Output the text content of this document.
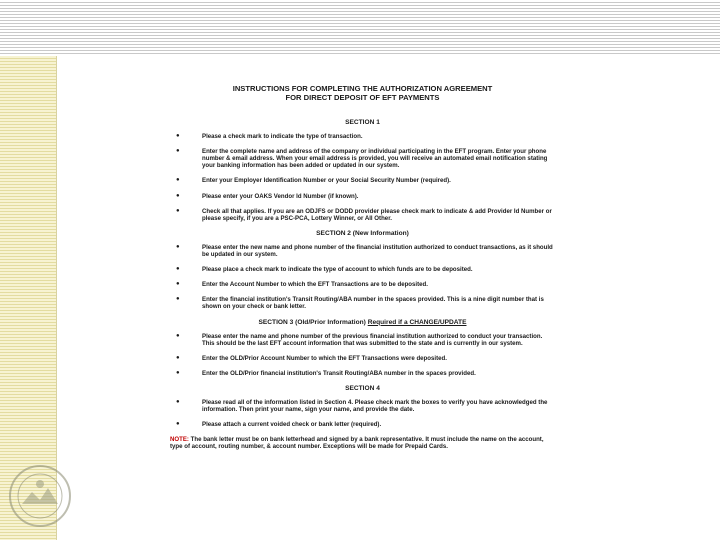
INSTRUCTIONS FOR COMPLETING THE AUTHORIZATION AGREEMENT
FOR DIRECT DEPOSIT OF EFT PAYMENTS
SECTION 1
●	Please a check mark to indicate the type of transaction.
●	Enter the complete name and address of the company or individual participating in the EFT program. Enter your phone number & email address. When your email address is provided, you will receive an automated email notification stating your banking information has been added or updated in our system.
●	Enter your Employer Identification Number or your Social Security Number (required).
●	Please enter your OAKS Vendor Id Number (if known).
●	Check all that applies. If you are an ODJFS or DODD provider please check mark to indicate & add Provider Id Number or please specify, if you are a PSC-PCA, Lottery Winner, or All Other.
SECTION 2 (New Information)
●	Please enter the new name and phone number of the financial institution authorized to conduct transactions, as it should be updated in our system.
●	Please place a check mark to indicate the type of account to which funds are to be deposited.
●	Enter the Account Number to which the EFT Transactions are to be deposited.
●	Enter the financial institution's Transit Routing/ABA number in the spaces provided. This is a nine digit number that is shown on your check or bank letter.
SECTION 3 (Old/Prior Information) Required if a CHANGE/UPDATE
●	Please enter the name and phone number of the previous financial institution authorized to conduct your transaction. This should be the last EFT account information that was submitted to the state and is currently in our system.
●	Enter the OLD/Prior Account Number to which the EFT Transactions were deposited.
●	Enter the OLD/Prior financial institution's Transit Routing/ABA number in the spaces provided.
SECTION 4
●	Please read all of the information listed in Section 4. Please check mark the boxes to verify you have acknowledged the information. Then print your name, sign your name, and provide the date.
●	Please attach a current voided check or bank letter (required).
NOTE: The bank letter must be on bank letterhead and signed by a bank representative. It must include the name on the account, type of account, routing number, & account number. Exceptions will be made for Prepaid Cards.
